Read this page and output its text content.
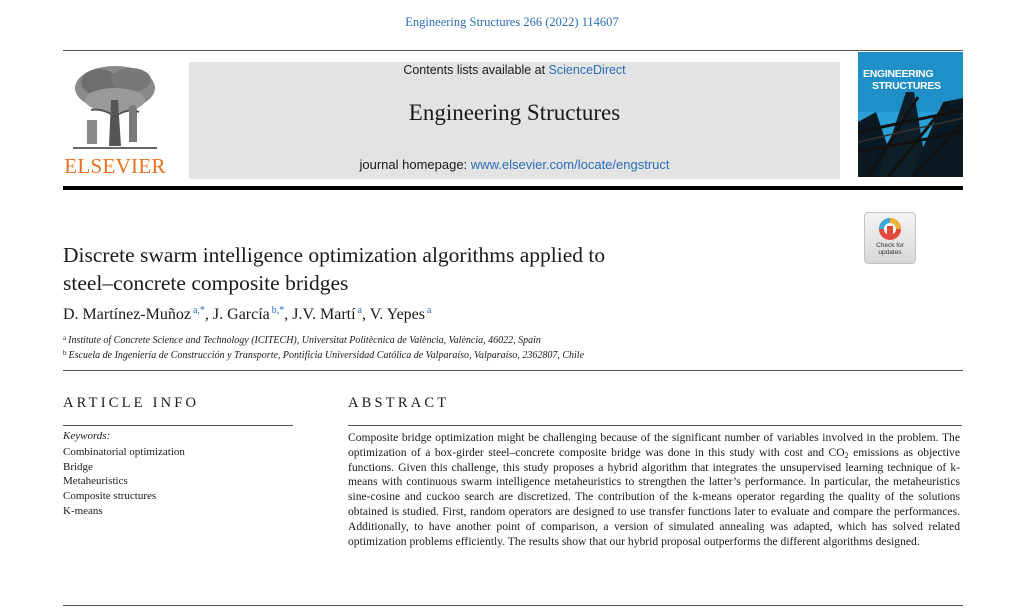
Engineering Structures 266 (2022) 114607
ELSEVIER
Contents lists available at ScienceDirect
Engineering Structures
journal homepage: www.elsevier.com/locate/engstruct
ENGINEERING
STRUCTURES
Check for
updates
Discrete swarm intelligence optimization algorithms applied to
steel–concrete composite bridges
D. Martínez-Muñoz $^{a,*}$, J. García $^{b,*}$, J.V. Martí $^a$, V. Yepes $^a$
$^a$ Institute of Concrete Science and Technology (ICITECH), Universitat Politècnica de València, València, 46022, Spain
$^b$ Escuela de Ingeniería de Construcción y Transporte, Pontificia Universidad Católica de Valparaíso, Valparaíso, 2362807, Chile
ARTICLE INFO
Keywords:
Combinatorial optimization
Bridge
Metaheuristics
Composite structures
K-means
ABSTRACT
Composite bridge optimization might be challenging because of the significant number of variables involved in the problem. The optimization of a box-girder steel–concrete composite bridge was done in this study with cost and $CO_2$ emissions as objective functions. Given this challenge, this study proposes a hybrid algorithm that integrates the unsupervised learning technique of k-means with continuous swarm intelligence metaheuristics to strengthen the latter’s performance. In particular, the metaheuristics sine-cosine and cuckoo search are discretized. The contribution of the k-means operator regarding the quality of the solutions obtained is studied. First, random operators are designed to use transfer functions later to evaluate and compare the performances. Additionally, to have another point of comparison, a version of simulated annealing was adapted, which has solved related optimization problems efficiently. The results show that our hybrid proposal outperforms the different algorithms designed.
